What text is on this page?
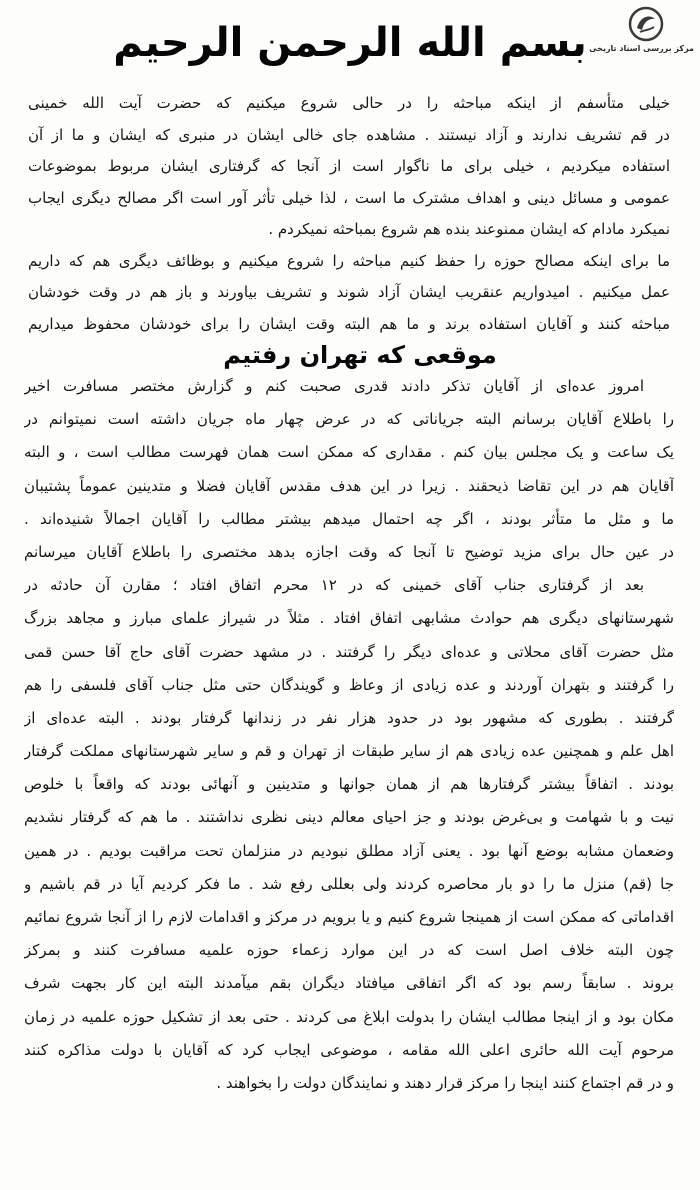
مرکز بررسی اسناد تاریخی
بسم الله الرحمن الرحیم
خیلی متأسفم از اینکه مباحثه را در حالی شروع میکنیم که حضرت آیت الله خمینی
در قم تشریف ندارند و آزاد نیستند . مشاهده جای خالی ایشان در منبری که ایشان و ما از آن
استفاده میکردیم ، خیلی برای ما ناگوار است از آنجا که گرفتاری ایشان مربوط بموضوعات
عمومی و مسائل دینی و اهداف مشترک ما است ، لذا خیلی تأثر آور است اگر مصالح دیگری ایجاب
نمیکرد مادام که ایشان ممنوعند بنده هم شروع بمباحثه نمیکردم .
ما برای اینکه مصالح حوزه را حفظ کنیم مباحثه را شروع میکنیم و بوظائف دیگری هم که داریم
عمل میکنیم . امیدواریم عنقریب ایشان آزاد شوند و تشریف بیاورند و باز هم در وقت خودشان
مباحثه کنند و آقایان استفاده برند و ما هم البته وقت ایشان را برای خودشان محفوظ میداریم
موقعی که تهران رفتیم
امروز عده‌ای از آقایان تذکر دادند قدری صحبت کنم و گزارش مختصر مسافرت اخیر
را باطلاع آقایان برسانم البته جریاناتی که در عرض چهار ماه جریان داشته است نمیتوانم در
یک ساعت و یک مجلس بیان کنم . مقداری که ممکن است همان فهرست مطالب است ، و البته
آقایان هم در این تقاضا ذیحقند . زیرا در این هدف مقدس آقایان فضلا و متدینین عموماً پشتیبان
ما و مثل ما متأثر بودند ، اگر چه احتمال میدهم بیشتر مطالب را آقایان اجمالاً شنیده‌اند .
در عین حال برای مزید توضیح تا آنجا که وقت اجازه بدهد مختصری را باطلاع آقایان میرسانم
بعد از گرفتاری جناب آقای خمینی که در ۱۲ محرم اتفاق افتاد ؛ مقارن آن حادثه در
شهرستانهای دیگری هم حوادث مشابهی اتفاق افتاد . مثلاً در شیراز علمای مبارز و مجاهد بزرگ
مثل حضرت آقای محلاتی و عده‌ای دیگر را گرفتند . در مشهد حضرت آقای حاج آقا حسن قمی
را گرفتند و بتهران آوردند و عده زیادی از وعاظ و گویندگان حتی مثل جناب آقای فلسفی را هم
گرفتند . بطوری که مشهور بود در حدود هزار نفر در زندانها گرفتار بودند . البته عده‌ای از
اهل علم و همچنین عده زیادی هم از سایر طبقات از تهران و قم و سایر شهرستانهای مملکت گرفتار
بودند . اتفاقاً بیشتر گرفتارها هم از همان جوانها و متدینین و آنهائی بودند که واقعاً با خلوص
نیت و با شهامت و بی‌غرض بودند و جز احیای معالم دینی نظری نداشتند . ما هم که گرفتار نشدیم
وضعمان مشابه بوضع آنها بود . یعنی آزاد مطلق نبودیم در منزلمان تحت مراقبت بودیم . در همین
جا (قم) منزل ما را دو بار محاصره کردند ولی بعللی رفع شد . ما فکر کردیم آیا در قم باشیم و
اقداماتی که ممکن است از همینجا شروع کنیم و یا برویم در مرکز و اقدامات لازم را از آنجا شروع نمائیم
چون البته خلاف اصل است که در این موارد زعماء حوزه علمیه مسافرت کنند و بمرکز
بروند . سابقاً رسم بود که اگر اتفاقی میافتاد دیگران بقم میآمدند البته این کار بجهت شرف
مکان بود و از اینجا مطالب ایشان را بدولت ابلاغ می کردند . حتی بعد از تشکیل حوزه علمیه در زمان
مرحوم آیت الله حائری اعلی الله مقامه ، موضوعی ایجاب کرد که آقایان با دولت مذاکره کنند
و در قم اجتماع کنند اینجا را مرکز قرار دهند و نمایندگان دولت را بخواهند .
